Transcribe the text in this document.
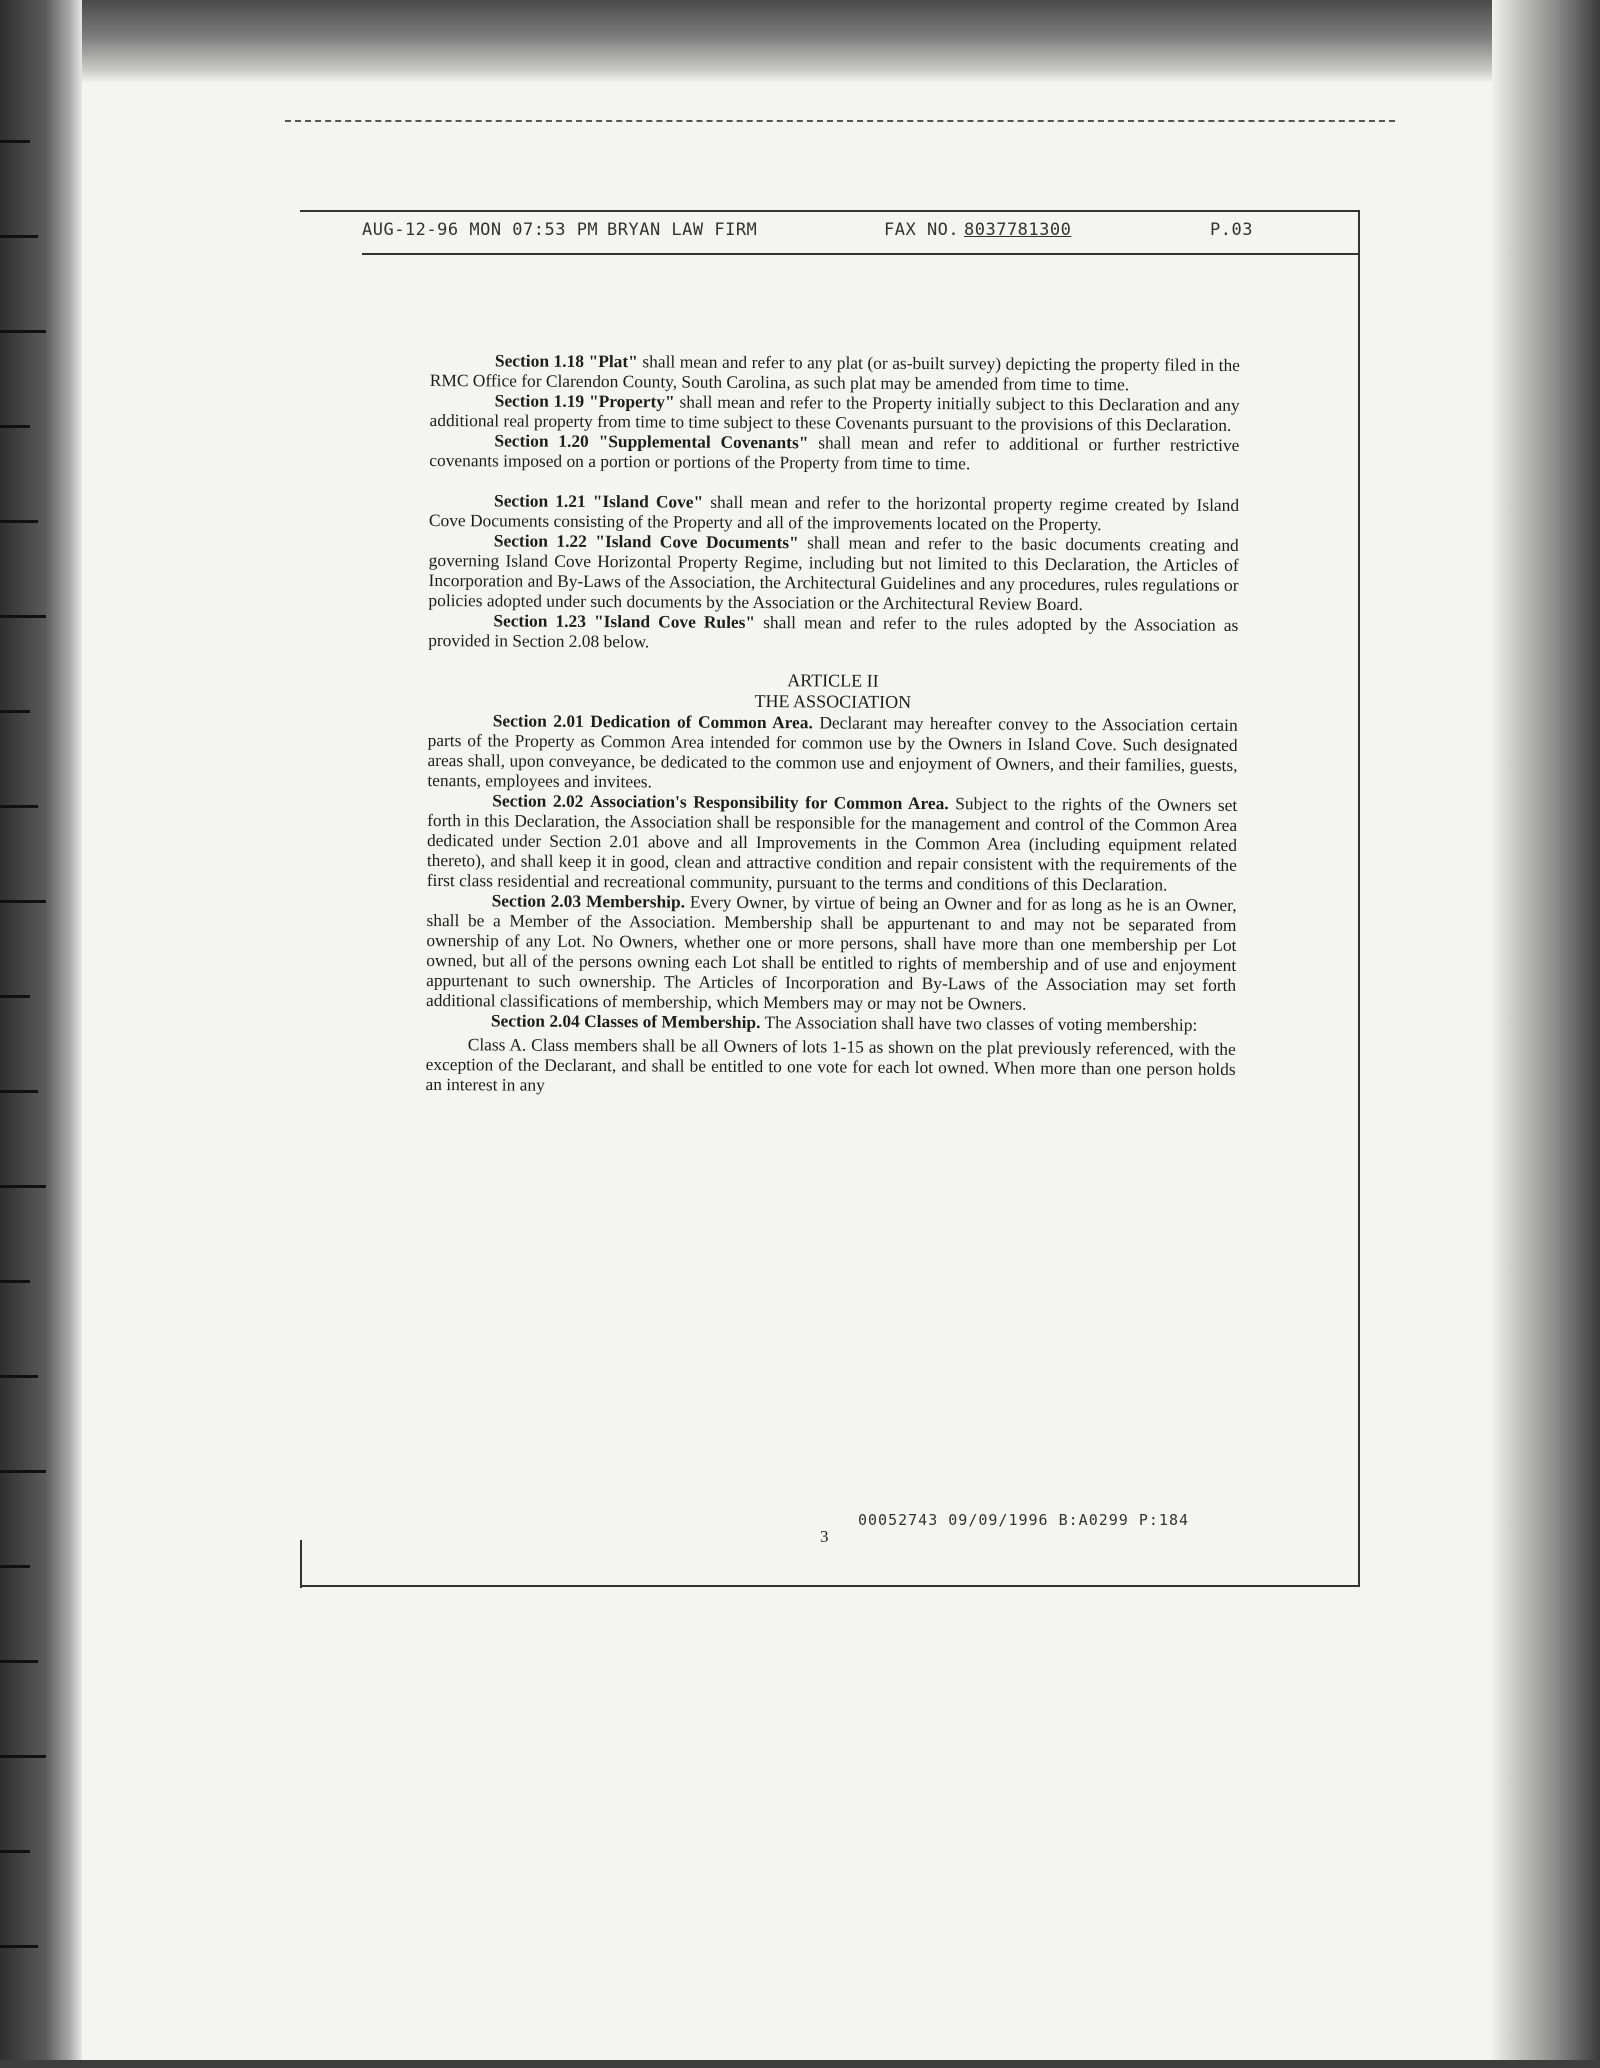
AUG-12-96 MON 07:53 PM BRYAN LAW FIRM	FAX NO. 8037781300	P.03

Section 1.18 "Plat" shall mean and refer to any plat (or as-built survey) depicting the property filed in the RMC Office for Clarendon County, South Carolina, as such plat may be amended from time to time.

Section 1.19 "Property" shall mean and refer to the Property initially subject to this Declaration and any additional real property from time to time subject to these Covenants pursuant to the provisions of this Declaration.

Section 1.20 "Supplemental Covenants" shall mean and refer to additional or further restrictive covenants imposed on a portion or portions of the Property from time to time.

Section 1.21 "Island Cove" shall mean and refer to the horizontal property regime created by Island Cove Documents consisting of the Property and all of the improvements located on the Property.

Section 1.22 "Island Cove Documents" shall mean and refer to the basic documents creating and governing Island Cove Horizontal Property Regime, including but not limited to this Declaration, the Articles of Incorporation and By-Laws of the Association, the Architectural Guidelines and any procedures, rules regulations or policies adopted under such documents by the Association or the Architectural Review Board.

Section 1.23 "Island Cove Rules" shall mean and refer to the rules adopted by the Association as provided in Section 2.08 below.

ARTICLE II
THE ASSOCIATION

Section 2.01 Dedication of Common Area. Declarant may hereafter convey to the Association certain parts of the Property as Common Area intended for common use by the Owners in Island Cove. Such designated areas shall, upon conveyance, be dedicated to the common use and enjoyment of Owners, and their families, guests, tenants, employees and invitees.

Section 2.02 Association's Responsibility for Common Area. Subject to the rights of the Owners set forth in this Declaration, the Association shall be responsible for the management and control of the Common Area dedicated under Section 2.01 above and all Improvements in the Common Area (including equipment related thereto), and shall keep it in good, clean and attractive condition and repair consistent with the requirements of the first class residential and recreational community, pursuant to the terms and conditions of this Declaration.

Section 2.03 Membership. Every Owner, by virtue of being an Owner and for as long as he is an Owner, shall be a Member of the Association. Membership shall be appurtenant to and may not be separated from ownership of any Lot. No Owners, whether one or more persons, shall have more than one membership per Lot owned, but all of the persons owning each Lot shall be entitled to rights of membership and of use and enjoyment appurtenant to such ownership. The Articles of Incorporation and By-Laws of the Association may set forth additional classifications of membership, which Members may or may not be Owners.

Section 2.04 Classes of Membership. The Association shall have two classes of voting membership:

Class A. Class members shall be all Owners of lots 1-15 as shown on the plat previously referenced, with the exception of the Declarant, and shall be entitled to one vote for each lot owned. When more than one person holds an interest in any

00052743 09/09/1996 B:A0299 P:184
3
